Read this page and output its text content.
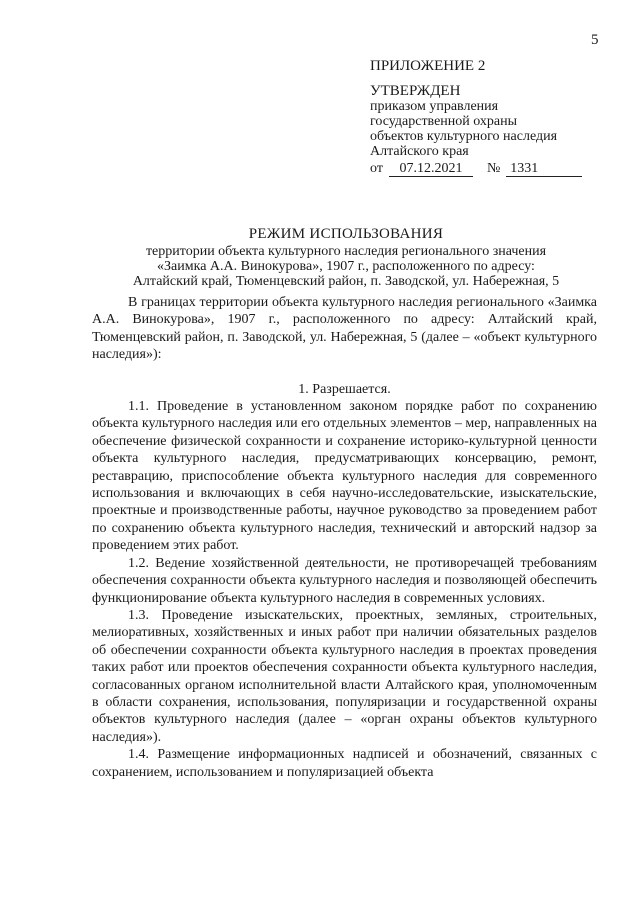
5
ПРИЛОЖЕНИЕ 2
УТВЕРЖДЕН
приказом управления
государственной охраны
объектов культурного наследия
Алтайского края
от	07.12.2021	№ 1331
РЕЖИМ ИСПОЛЬЗОВАНИЯ
территории объекта культурного наследия регионального значения
«Заимка А.А. Винокурова», 1907 г., расположенного по адресу:
Алтайский край, Тюменцевский район, п. Заводской, ул. Набережная, 5

В границах территории объекта культурного наследия регионального «Заимка А.А. Винокурова», 1907 г., расположенного по адресу: Алтайский край, Тюменцевский район, п. Заводской, ул. Набережная, 5 (далее – «объект культурного наследия»):

1. Разрешается.

1.1. Проведение в установленном законом порядке работ по сохранению объекта культурного наследия или его отдельных элементов – мер, направленных на обеспечение физической сохранности и сохранение историко-культурной ценности объекта культурного наследия, предусматривающих консервацию, ремонт, реставрацию, приспособление объекта культурного наследия для современного использования и включающих в себя научно-исследовательские, изыскательские, проектные и производственные работы, научное руководство за проведением работ по сохранению объекта культурного наследия, технический и авторский надзор за проведением этих работ.

1.2. Ведение хозяйственной деятельности, не противоречащей требованиям обеспечения сохранности объекта культурного наследия и позволяющей обеспечить функционирование объекта культурного наследия в современных условиях.

1.3. Проведение изыскательских, проектных, земляных, строительных, мелиоративных, хозяйственных и иных работ при наличии обязательных разделов об обеспечении сохранности объекта культурного наследия в проектах проведения таких работ или проектов обеспечения сохранности объекта культурного наследия, согласованных органом исполнительной власти Алтайского края, уполномоченным в области сохранения, использования, популяризации и государственной охраны объектов культурного наследия (далее – «орган охраны объектов культурного наследия»).

1.4. Размещение информационных надписей и обозначений, связанных с сохранением, использованием и популяризацией объекта
